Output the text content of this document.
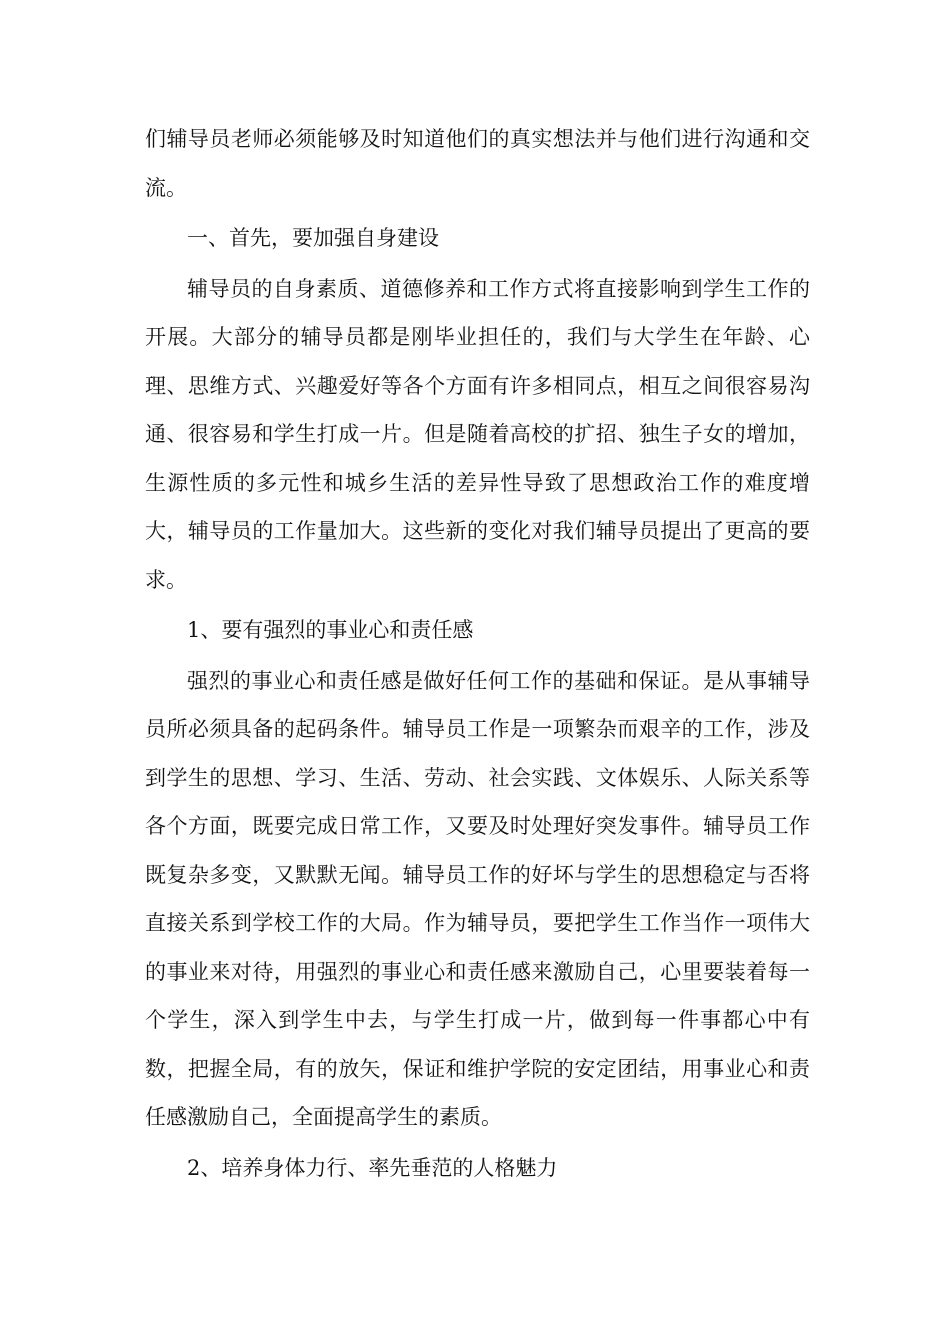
们辅导员老师必须能够及时知道他们的真实想法并与他们进行沟通和交流。

一、首先，要加强自身建设

辅导员的自身素质、道德修养和工作方式将直接影响到学生工作的开展。大部分的辅导员都是刚毕业担任的，我们与大学生在年龄、心理、思维方式、兴趣爱好等各个方面有许多相同点，相互之间很容易沟通、很容易和学生打成一片。但是随着高校的扩招、独生子女的增加，生源性质的多元性和城乡生活的差异性导致了思想政治工作的难度增大，辅导员的工作量加大。这些新的变化对我们辅导员提出了更高的要求。

1、要有强烈的事业心和责任感

强烈的事业心和责任感是做好任何工作的基础和保证。是从事辅导员所必须具备的起码条件。辅导员工作是一项繁杂而艰辛的工作，涉及到学生的思想、学习、生活、劳动、社会实践、文体娱乐、人际关系等各个方面，既要完成日常工作，又要及时处理好突发事件。辅导员工作既复杂多变，又默默无闻。辅导员工作的好坏与学生的思想稳定与否将直接关系到学校工作的大局。作为辅导员，要把学生工作当作一项伟大的事业来对待，用强烈的事业心和责任感来激励自己，心里要装着每一个学生，深入到学生中去，与学生打成一片，做到每一件事都心中有数，把握全局，有的放矢，保证和维护学院的安定团结，用事业心和责任感激励自己，全面提高学生的素质。

2、培养身体力行、率先垂范的人格魅力
